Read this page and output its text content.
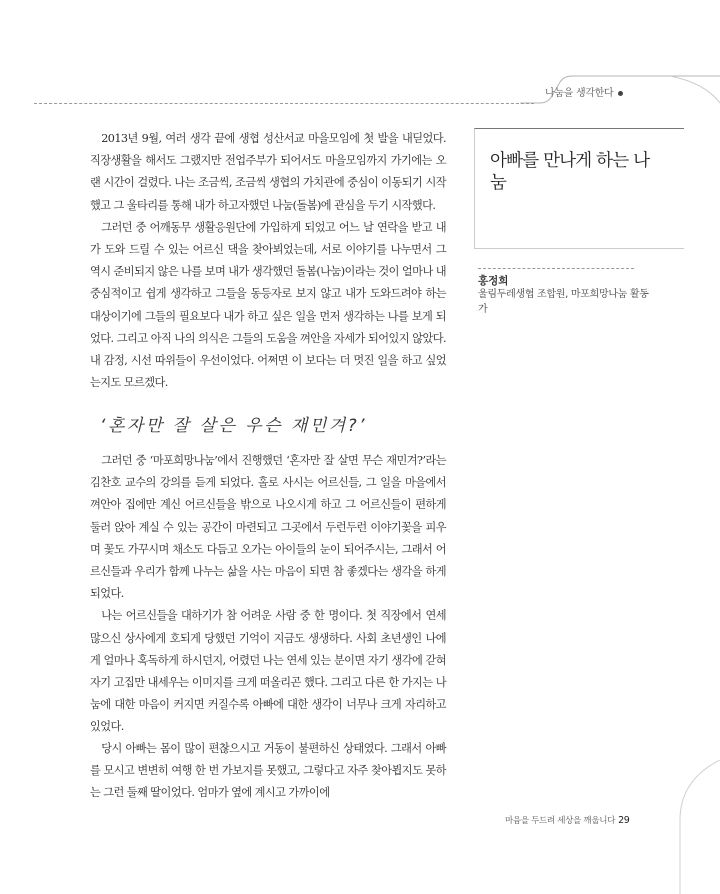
나눔을 생각한다

2013년 9월, 여러 생각 끝에 생협 성산서교 마을모임에 첫 발을 내딛었다. 직장생활을 해서도 그랬지만 전업주부가 되어서도 마을모임까지 가기에는 오랜 시간이 걸렸다. 나는 조금씩, 조금씩 생협의 가치관에 중심이 이동되기 시작했고 그 울타리를 통해 내가 하고자했던 나눔(돌봄)에 관심을 두기 시작했다.

그러던 중 어깨동무 생활응원단에 가입하게 되었고 어느 날 연락을 받고 내가 도와 드릴 수 있는 어르신 댁을 찾아뵈었는데, 서로 이야기를 나누면서 그 역시 준비되지 않은 나를 보며 내가 생각했던 돌봄(나눔)이라는 것이 얼마나 내 중심적이고 쉽게 생각하고 그들을 동등자로 보지 않고 내가 도와드려야 하는 대상이기에 그들의 필요보다 내가 하고 싶은 일을 먼저 생각하는 나를 보게 되었다. 그리고 아직 나의 의식은 그들의 도움을 껴안을 자세가 되어있지 않았다. 내 감정, 시선 따위들이 우선이었다. 어쩌면 이 보다는 더 멋진 일을 하고 싶었는지도 모르겠다.

‘혼자만 잘 살은 우슨 재민겨?’

그러던 중 ‘마포희망나눔’에서 진행했던 ‘혼자만 잘 살면 무슨 재민겨?’라는 김찬호 교수의 강의를 듣게 되었다. 홀로 사시는 어르신들, 그 일을 마을에서 껴안아 집에만 계신 어르신들을 밖으로 나오시게 하고 그 어르신들이 편하게 둘러 앉아 계실 수 있는 공간이 마련되고 그곳에서 두런두런 이야기꽃을 피우며 꽃도 가꾸시며 채소도 다듬고 오가는 아이들의 눈이 되어주시는, 그래서 어르신들과 우리가 함께 나누는 삶을 사는 마음이 되면 참 좋겠다는 생각을 하게 되었다.

나는 어르신들을 대하기가 참 어려운 사람 중 한 명이다. 첫 직장에서 연세 많으신 상사에게 호되게 당했던 기억이 지금도 생생하다. 사회 초년생인 나에게 얼마나 혹독하게 하시던지, 어렸던 나는 연세 있는 분이면 자기 생각에 갇혀 자기 고집만 내세우는 이미지를 크게 떠올리곤 했다. 그리고 다른 한 가지는 나눔에 대한 마음이 커지면 커질수록 아빠에 대한 생각이 너무나 크게 자리하고 있었다.

당시 아빠는 몸이 많이 편찮으시고 거동이 불편하신 상태였다. 그래서 아빠를 모시고 변변히 여행 한 번 가보지를 못했고, 그렇다고 자주 찾아뵙지도 못하는 그런 둘째 딸이었다. 엄마가 옆에 계시고 가까이에

아빠를 만나게 하는 나눔
홍정희
울림두레생협 조합원, 마포희망나눔 활동가
마음을 두드려 세상을 깨웁니다 29
